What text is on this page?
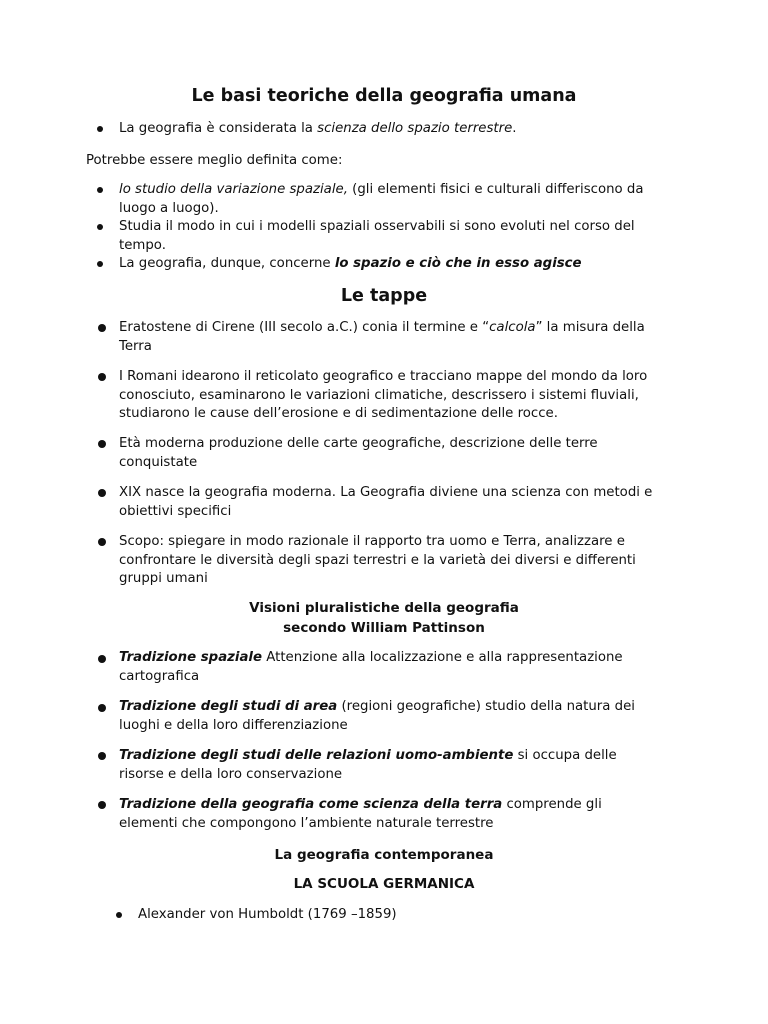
Le basi teoriche della geografia umana

La geografia è considerata la scienza dello spazio terrestre.

Potrebbe essere meglio definita come:

lo studio della variazione spaziale, (gli elementi fisici e culturali differiscono da
luogo a luogo).

Studia il modo in cui i modelli spaziali osservabili si sono evoluti nel corso del
tempo.

La geografia, dunque, concerne lo spazio e ciò che in esso agisce

Le tappe

Eratostene di Cirene (III secolo a.C.) conia il termine e “calcola” la misura della
Terra

I Romani idearono il reticolato geografico e tracciano mappe del mondo da loro
conosciuto, esaminarono le variazioni climatiche, descrissero i sistemi fluviali,
studiarono le cause dell’erosione e di sedimentazione delle rocce.

Età moderna produzione delle carte geografiche, descrizione delle terre
conquistate

XIX nasce la geografia moderna. La Geografia diviene una scienza con metodi e
obiettivi specifici

Scopo: spiegare in modo razionale il rapporto tra uomo e Terra, analizzare e
confrontare le diversità degli spazi terrestri e la varietà dei diversi e differenti
gruppi umani

Visioni pluralistiche della geografia
secondo William Pattinson

Tradizione spaziale Attenzione alla localizzazione e alla rappresentazione
cartografica

Tradizione degli studi di area (regioni geografiche) studio della natura dei
luoghi e della loro differenziazione

Tradizione degli studi delle relazioni uomo-ambiente si occupa delle
risorse e della loro conservazione

Tradizione della geografia come scienza della terra comprende gli
elementi che compongono l’ambiente naturale terrestre

La geografia contemporanea
LA SCUOLA GERMANICA

Alexander von Humboldt (1769 –1859)
